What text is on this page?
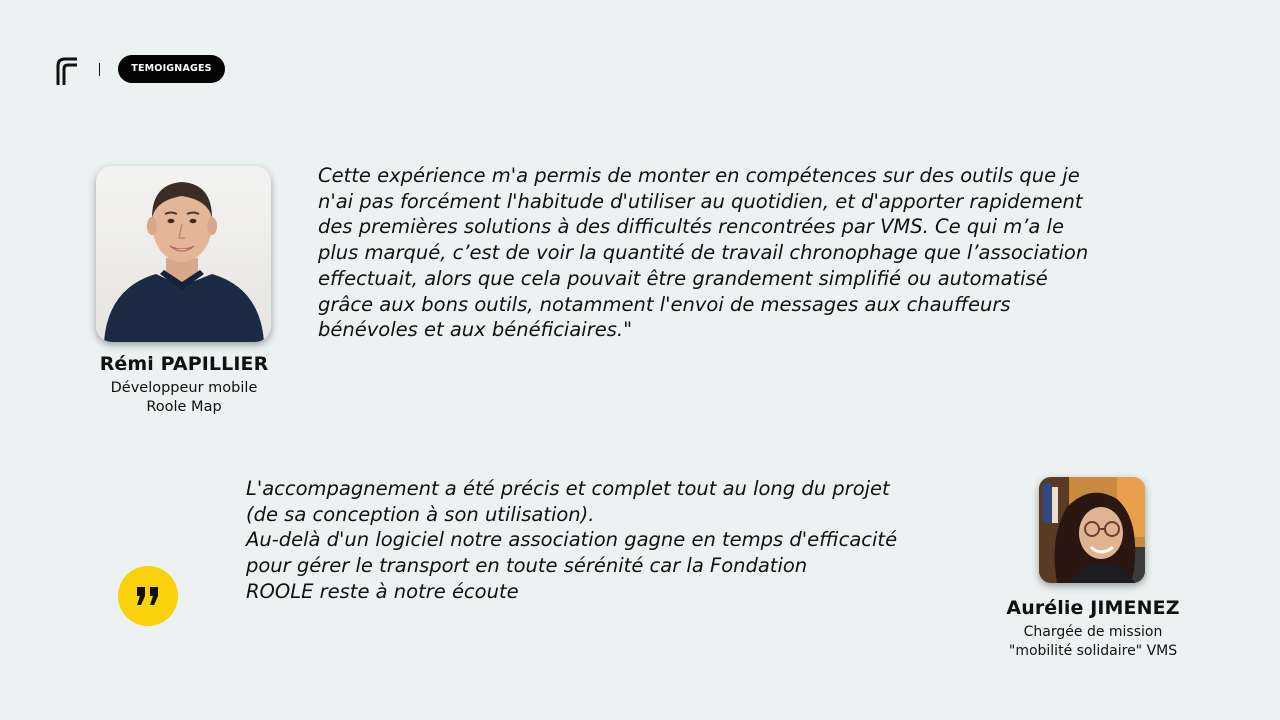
TEMOIGNAGES
Rémi PAPILLIER
Développeur mobile
Roole Map
Cette expérience m'a permis de monter en compétences sur des outils que je
n'ai pas forcément l'habitude d'utiliser au quotidien, et d'apporter rapidement
des premières solutions à des difficultés rencontrées par VMS. Ce qui m’a le
plus marqué, c’est de voir la quantité de travail chronophage que l’association
effectuait, alors que cela pouvait être grandement simplifié ou automatisé
grâce aux bons outils, notamment l'envoi de messages aux chauffeurs
bénévoles et aux bénéficiaires."
L'accompagnement a été précis et complet tout au long du projet
(de sa conception à son utilisation).
Au-delà d'un logiciel notre association gagne en temps d'efficacité
pour gérer le transport en toute sérénité car la Fondation
ROOLE reste à notre écoute
Aurélie JIMENEZ
Chargée de mission
"mobilité solidaire" VMS
